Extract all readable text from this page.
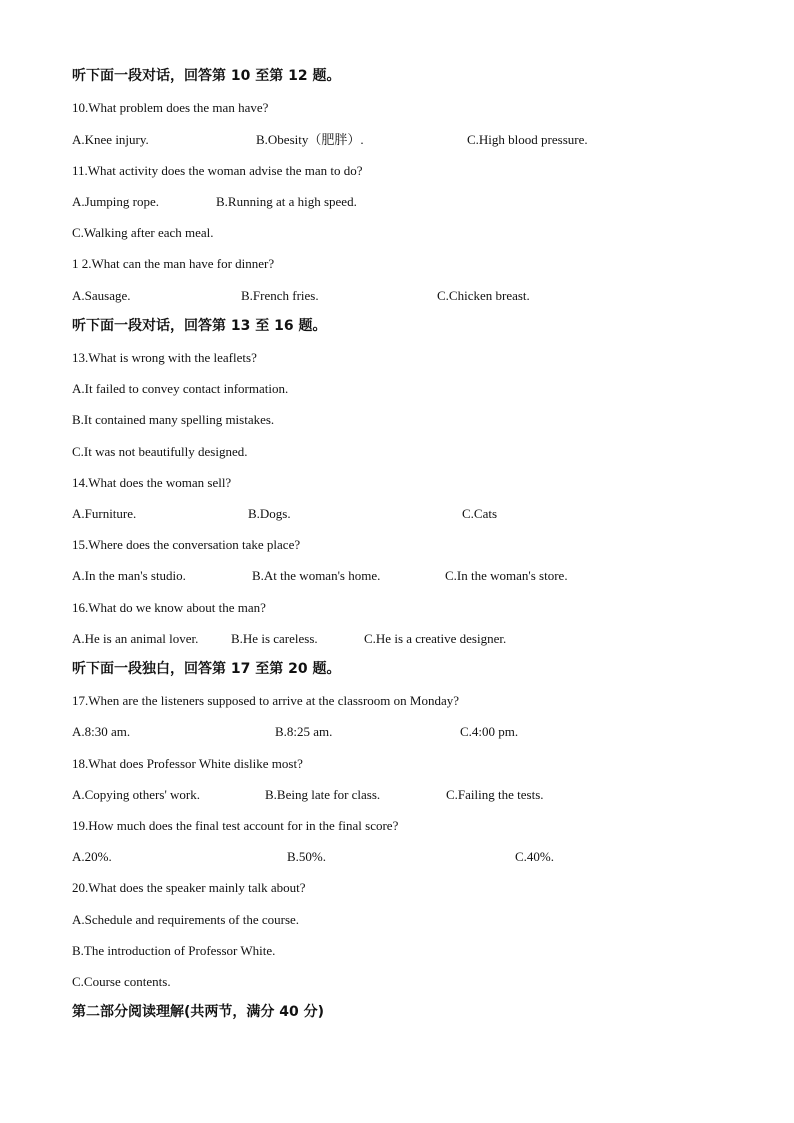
听下面一段对话，回答第 10 至第 12 题。
10.What problem does the man have?
A.Knee injury.	B.Obesity（肥胖）.	C.High blood pressure.
11.What activity does the woman advise the man to do?
A.Jumping rope.	B.Running at a high speed.
C.Walking after each meal.
1 2.What can the man have for dinner?
A.Sausage.	B.French fries.	C.Chicken breast.
听下面一段对话，回答第 13 至 16 题。
13.What is wrong with the leaflets?
A.It failed to convey contact information.
B.It contained many spelling mistakes.
C.It was not beautifully designed.
14.What does the woman sell?
A.Furniture.	B.Dogs.	C.Cats
15.Where does the conversation take place?
A.In the man's studio.	B.At the woman's home.	C.In the woman's store.
16.What do we know about the man?
A.He is an animal lover.	B.He is careless.	C.He is a creative designer.
听下面一段独白，回答第 17 至第 20 题。
17.When are the listeners supposed to arrive at the classroom on Monday?
A.8:30 am.	B.8:25 am.	C.4:00 pm.
18.What does Professor White dislike most?
A.Copying others' work.	B.Being late for class.	C.Failing the tests.
19.How much does the final test account for in the final score?
A.20%.	B.50%.	C.40%.
20.What does the speaker mainly talk about?
A.Schedule and requirements of the course.
B.The introduction of Professor White.
C.Course contents.
第二部分阅读理解(共两节，满分 40 分)
